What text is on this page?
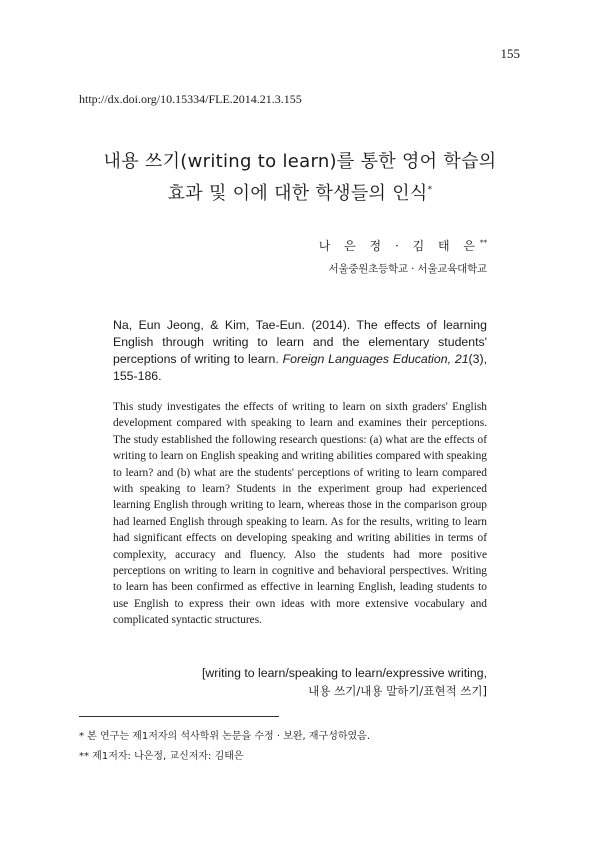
155
http://dx.doi.org/10.15334/FLE.2014.21.3.155
내용 쓰기(writing to learn)를 통한 영어 학습의
효과 및 이에 대한 학생들의 인식*
나 은 정 · 김 태 은**
서울중원초등학교 · 서울교육대학교
Na, Eun Jeong, & Kim, Tae-Eun. (2014). The effects of learning English through writing to learn and the elementary students' perceptions of writing to learn. Foreign Languages Education, 21(3), 155-186.
This study investigates the effects of writing to learn on sixth graders' English development compared with speaking to learn and examines their perceptions. The study established the following research questions: (a) what are the effects of writing to learn on English speaking and writing abilities compared with speaking to learn? and (b) what are the students' perceptions of writing to learn compared with speaking to learn? Students in the experiment group had experienced learning English through writing to learn, whereas those in the comparison group had learned English through speaking to learn. As for the results, writing to learn had significant effects on developing speaking and writing abilities in terms of complexity, accuracy and fluency. Also the students had more positive perceptions on writing to learn in cognitive and behavioral perspectives. Writing to learn has been confirmed as effective in learning English, leading students to use English to express their own ideas with more extensive vocabulary and complicated syntactic structures.
[writing to learn/speaking to learn/expressive writing,
내용 쓰기/내용 말하기/표현적 쓰기]
* 본 연구는 제1저자의 석사학위 논문을 수정 · 보완, 재구성하였음.
** 제1저자: 나은정, 교신저자: 김태은
